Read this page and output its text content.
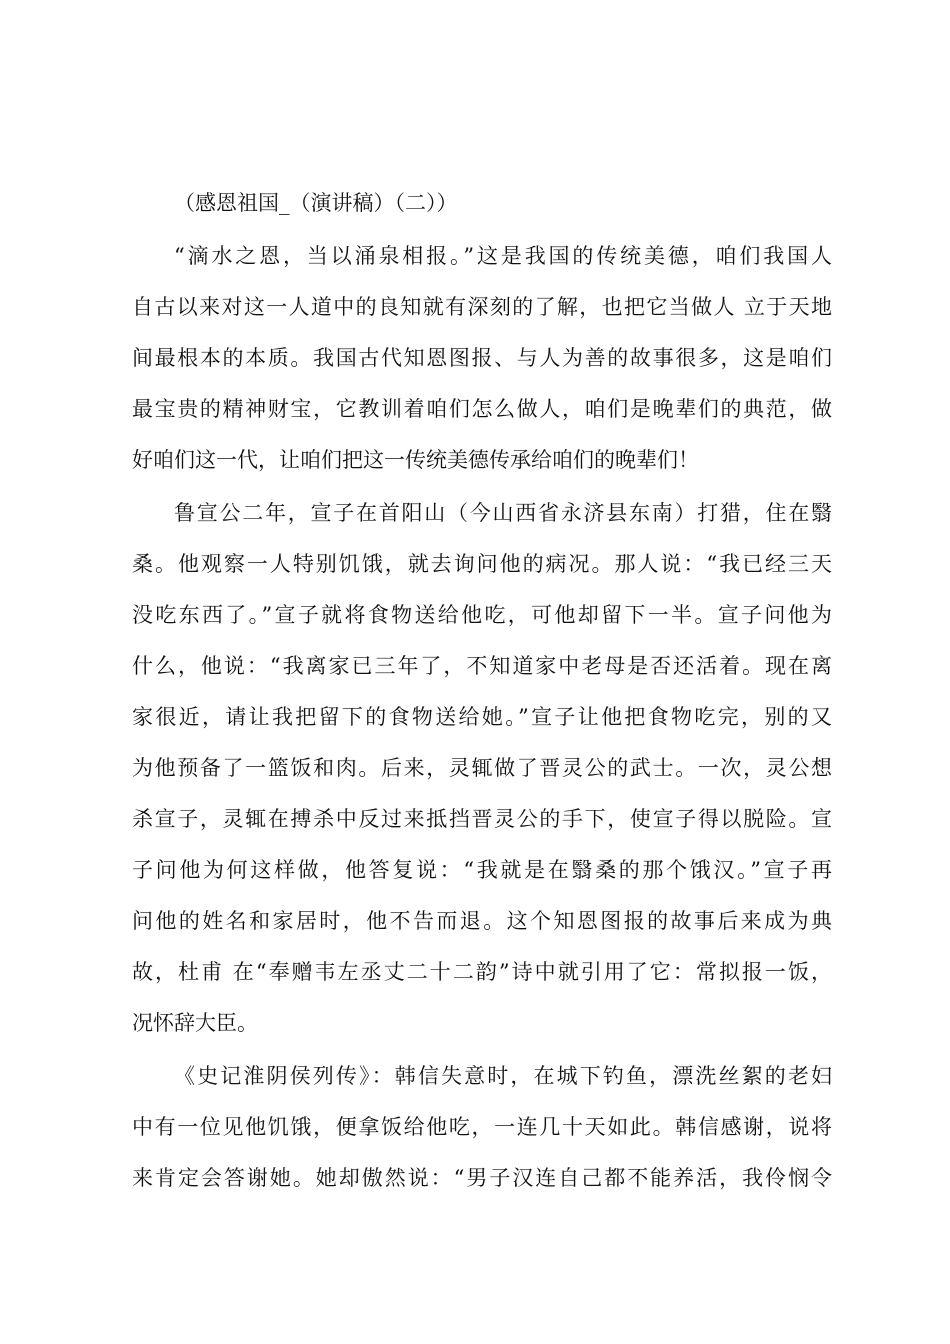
（感恩祖国_（演讲稿）（二））
“滴水之恩，当以涌泉相报。”这是我国的传统美德，咱们我国人
自古以来对这一人道中的良知就有深刻的了解，也把它当做人 立于天地
间最根本的本质。我国古代知恩图报、与人为善的故事很多，这是咱们
最宝贵的精神财宝，它教训着咱们怎么做人，咱们是晚辈们的典范，做
好咱们这一代，让咱们把这一传统美德传承给咱们的晚辈们！
鲁宣公二年，宣子在首阳山（今山西省永济县东南）打猎，住在翳
桑。他观察一人特别饥饿，就去询问他的病况。那人说：“我已经三天
没吃东西了。”宣子就将食物送给他吃，可他却留下一半。宣子问他为
什么，他说：“我离家已三年了，不知道家中老母是否还活着。现在离
家很近，请让我把留下的食物送给她。”宣子让他把食物吃完，别的又
为他预备了一篮饭和肉。后来，灵辄做了晋灵公的武士。一次，灵公想
杀宣子，灵辄在搏杀中反过来抵挡晋灵公的手下，使宣子得以脱险。宣
子问他为何这样做，他答复说：“我就是在翳桑的那个饿汉。”宣子再
问他的姓名和家居时，他不告而退。这个知恩图报的故事后来成为典
故，杜甫 在“奉赠韦左丞丈二十二韵”诗中就引用了它：常拟报一饭，
况怀辞大臣。
《史记淮阴侯列传》：韩信失意时，在城下钓鱼，漂洗丝絮的老妇
中有一位见他饥饿，便拿饭给他吃，一连几十天如此。韩信感谢，说将
来肯定会答谢她。她却傲然说：“男子汉连自己都不能养活，我伶悯令
